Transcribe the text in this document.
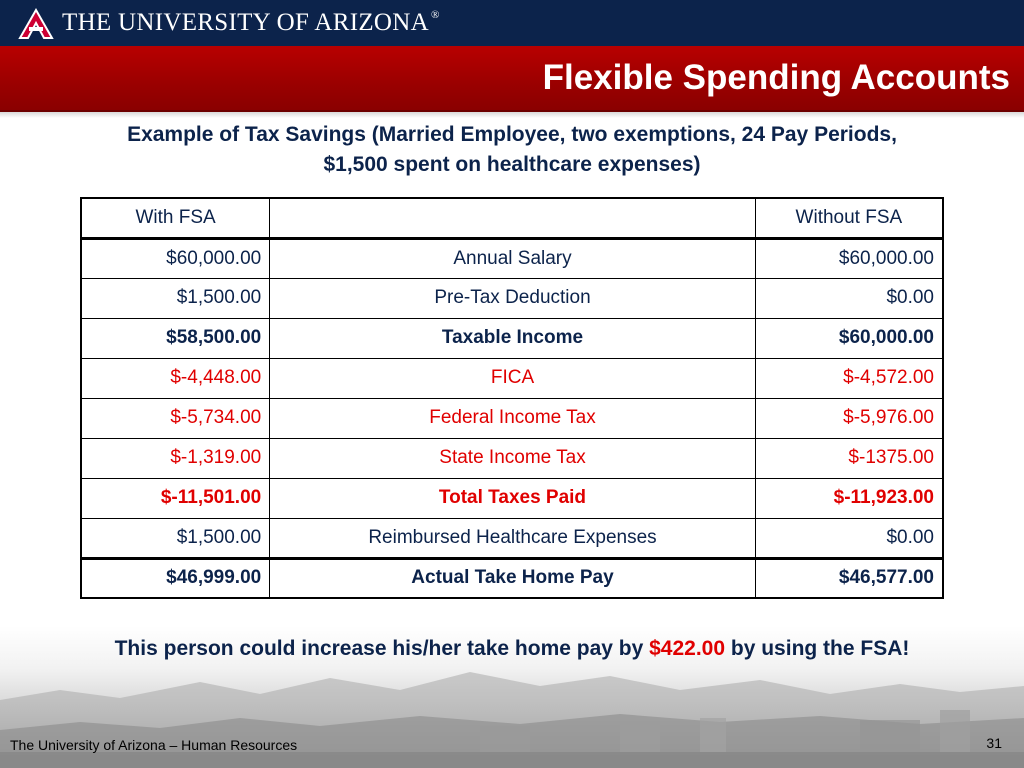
THE UNIVERSITY OF ARIZONA ®
Flexible Spending Accounts
Example of Tax Savings (Married Employee, two exemptions, 24 Pay Periods,
$1,500 spent on healthcare expenses)
With FSA		Without FSA
$60,000.00	Annual Salary	$60,000.00
$1,500.00	Pre-Tax Deduction	$0.00
$58,500.00	Taxable Income	$60,000.00
$-4,448.00	FICA	$-4,572.00
$-5,734.00	Federal Income Tax	$-5,976.00
$-1,319.00	State Income Tax	$-1375.00
$-11,501.00	Total Taxes Paid	$-11,923.00
$1,500.00	Reimbursed Healthcare Expenses	$0.00
$46,999.00	Actual Take Home Pay	$46,577.00
This person could increase his/her take home pay by $422.00 by using the FSA!
The University of Arizona – Human Resources	31
